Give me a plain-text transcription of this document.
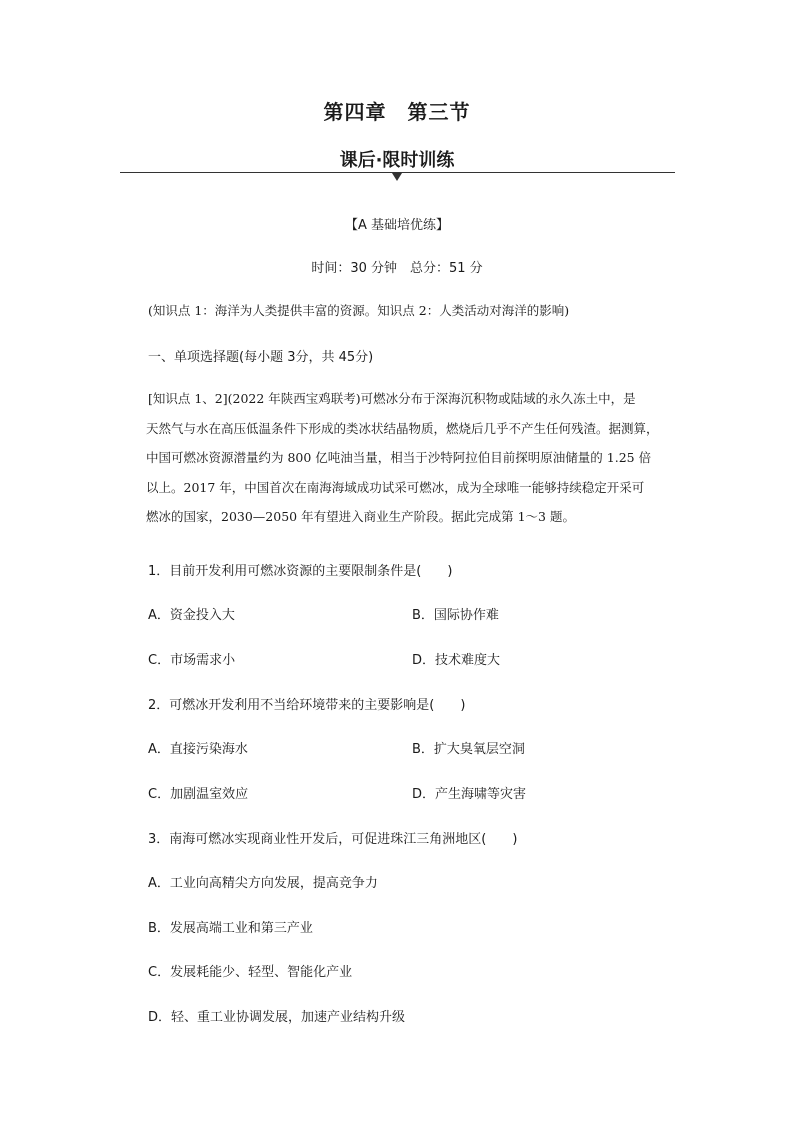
第四章　第三节
课后·限时训练
【A 基础培优练】
时间：30 分钟　总分：51 分
(知识点 1：海洋为人类提供丰富的资源。知识点 2：人类活动对海洋的影响)
一、单项选择题(每小题 3分，共 45分)
[知识点 1、2](2022 年陕西宝鸡联考)可燃冰分布于深海沉积物或陆域的永久冻土中，是
天然气与水在高压低温条件下形成的类冰状结晶物质，燃烧后几乎不产生任何残渣。据测算，
中国可燃冰资源潜量约为 800 亿吨油当量，相当于沙特阿拉伯目前探明原油储量的 1.25 倍
以上。2017 年，中国首次在南海海域成功试采可燃冰，成为全球唯一能够持续稳定开采可
燃冰的国家，2030—2050 年有望进入商业生产阶段。据此完成第 1～3 题。
1．目前开发利用可燃冰资源的主要限制条件是(　　)
A．资金投入大	B．国际协作难
C．市场需求小	D．技术难度大
2．可燃冰开发利用不当给环境带来的主要影响是(　　)
A．直接污染海水	B．扩大臭氧层空洞
C．加剧温室效应	D．产生海啸等灾害
3．南海可燃冰实现商业性开发后，可促进珠江三角洲地区(　　)
A．工业向高精尖方向发展，提高竞争力
B．发展高端工业和第三产业
C．发展耗能少、轻型、智能化产业
D．轻、重工业协调发展，加速产业结构升级
